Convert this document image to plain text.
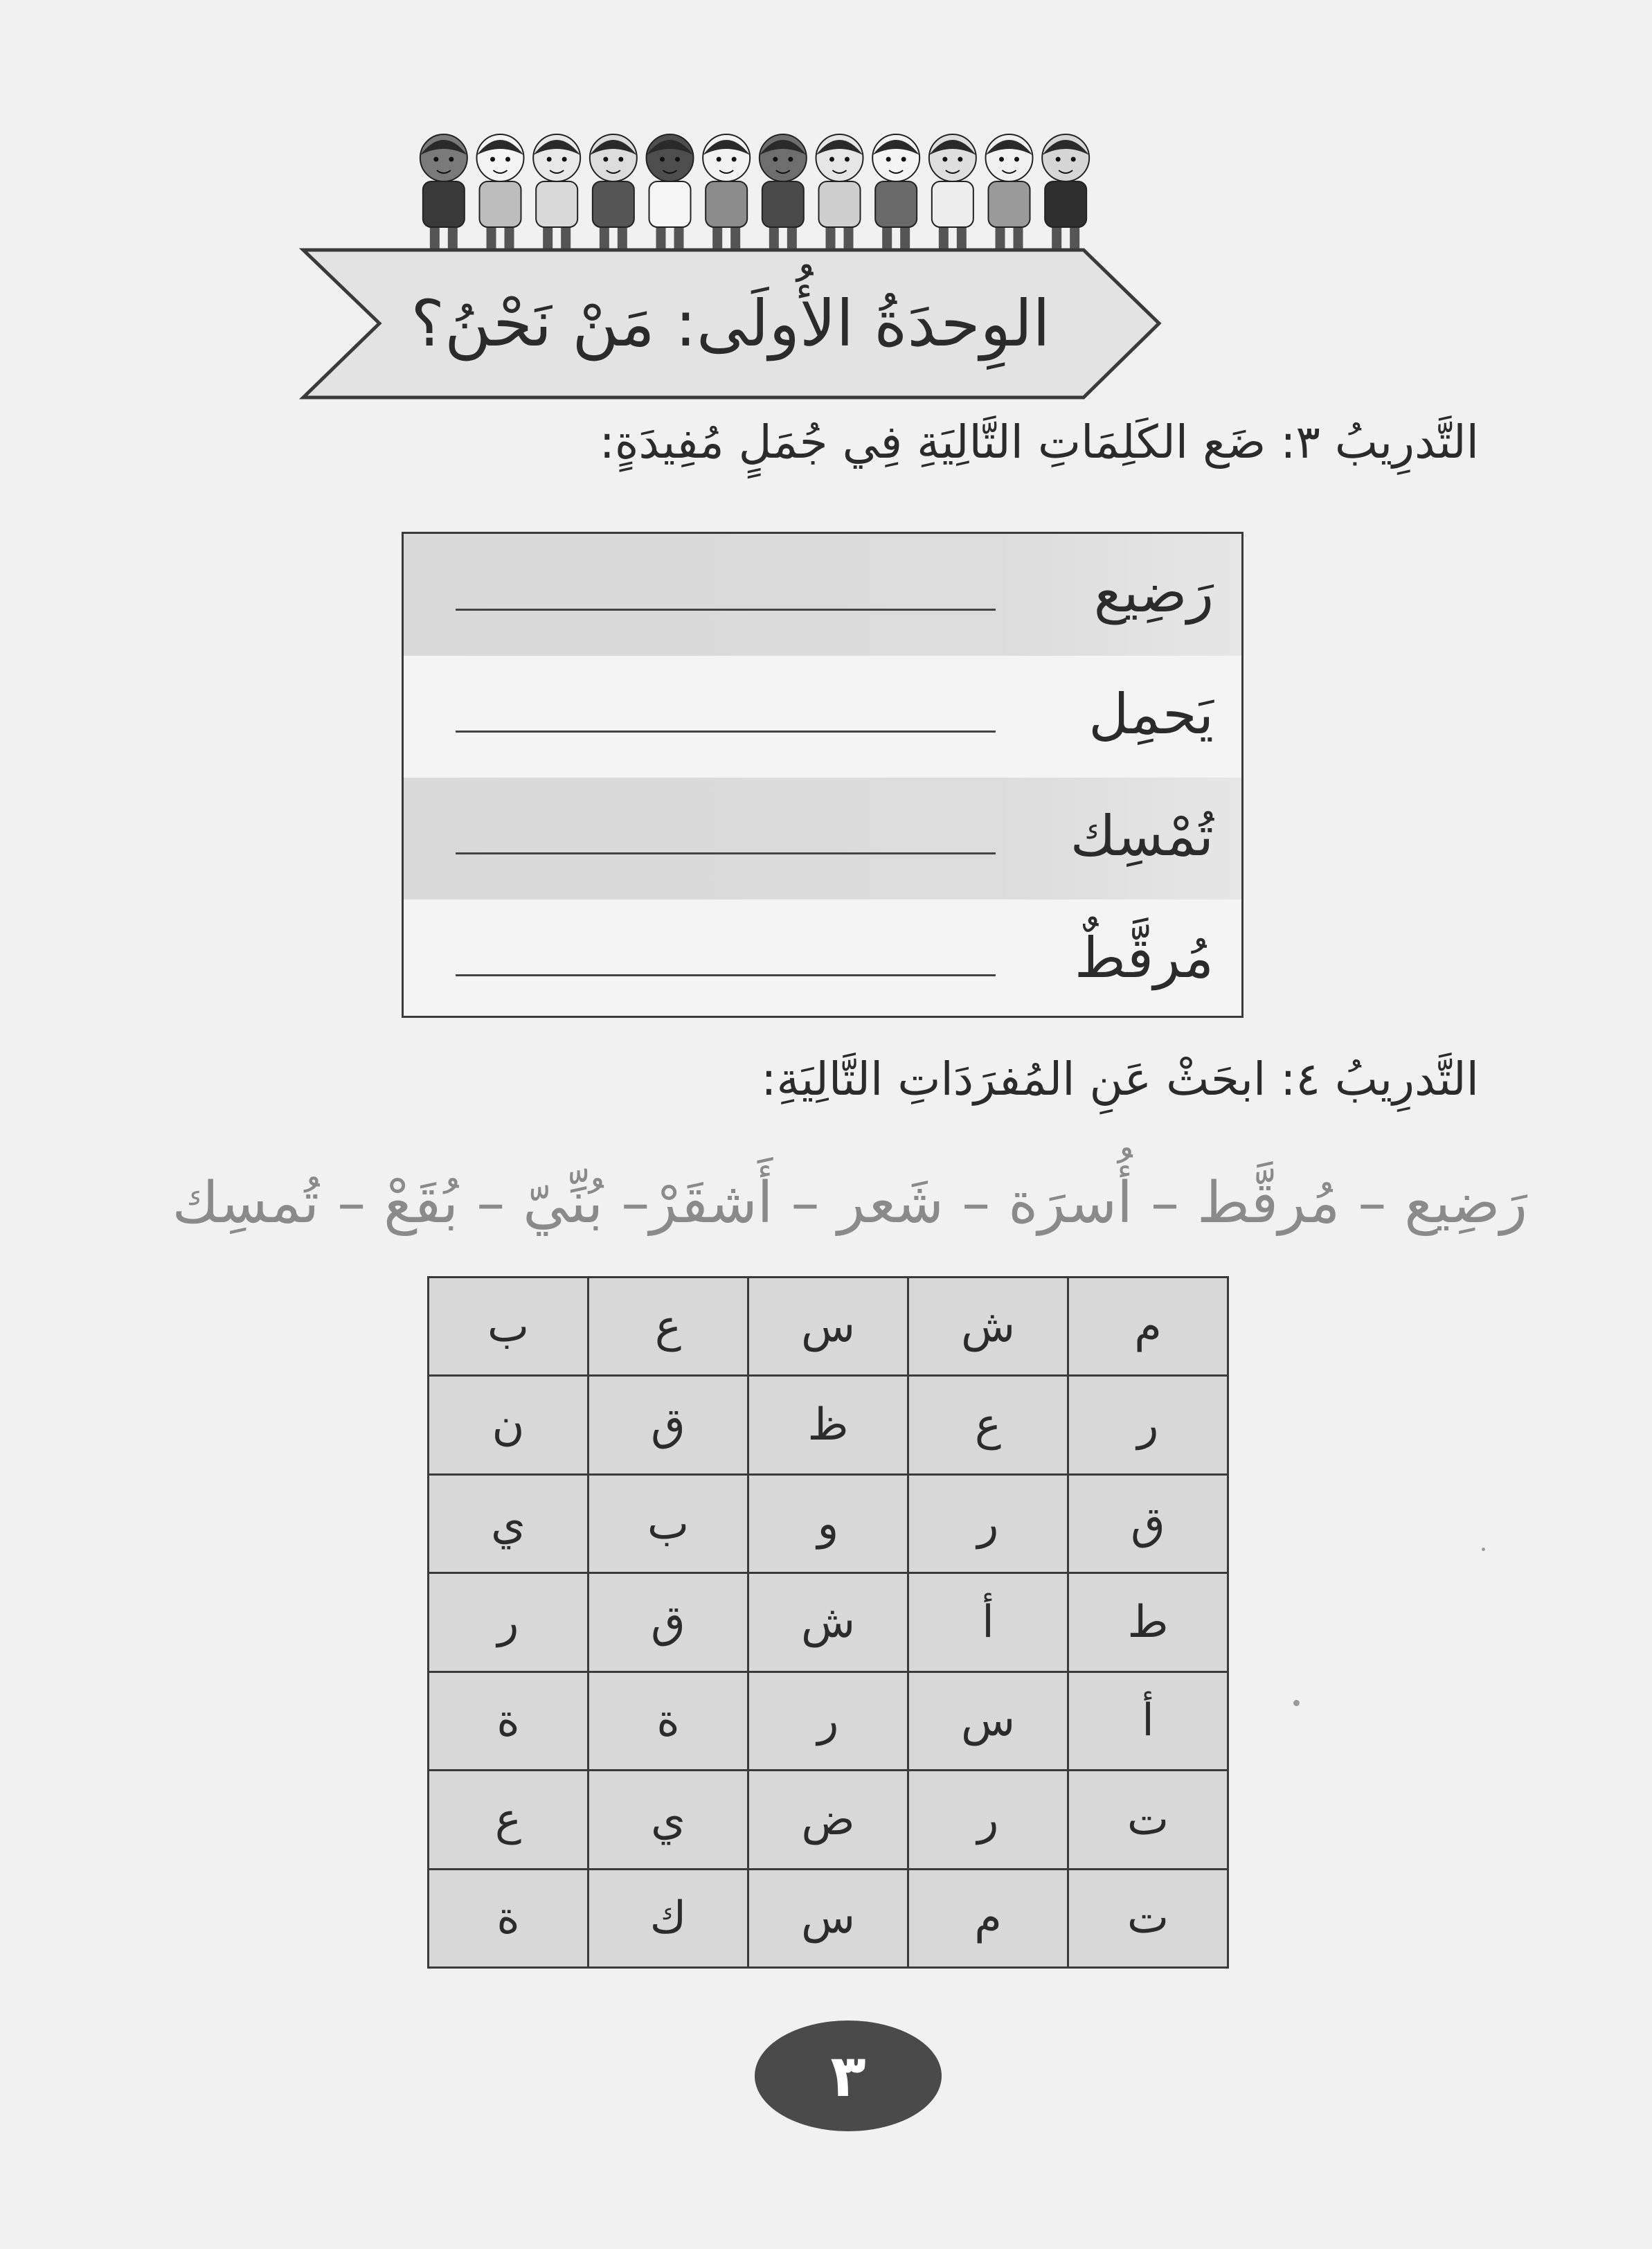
الوِحدَةُ الأُولَى: مَنْ نَحْنُ؟
التَّدرِيبُ ٣: ضَع الكَلِمَاتِ التَّالِيَةِ فِي جُمَلٍ مُفِيدَةٍ:
رَضِيع
يَحمِل
تُمْسِك
مُرقَّطٌ
التَّدرِيبُ ٤: ابحَثْ عَنِ المُفرَدَاتِ التَّالِيَةِ:
رَضِيع – مُرقَّط – أُسرَة – شَعر – أَشقَرْ– بُنِّيّ – بُقَعْ – تُمسِك
م	ش	س	ع	ب
ر	ع	ظ	ق	ن
ق	ر	و	ب	ي
ط	أ	ش	ق	ر
أ	س	ر	ة	ة
ت	ر	ض	ي	ع
ت	م	س	ك	ة
٣
